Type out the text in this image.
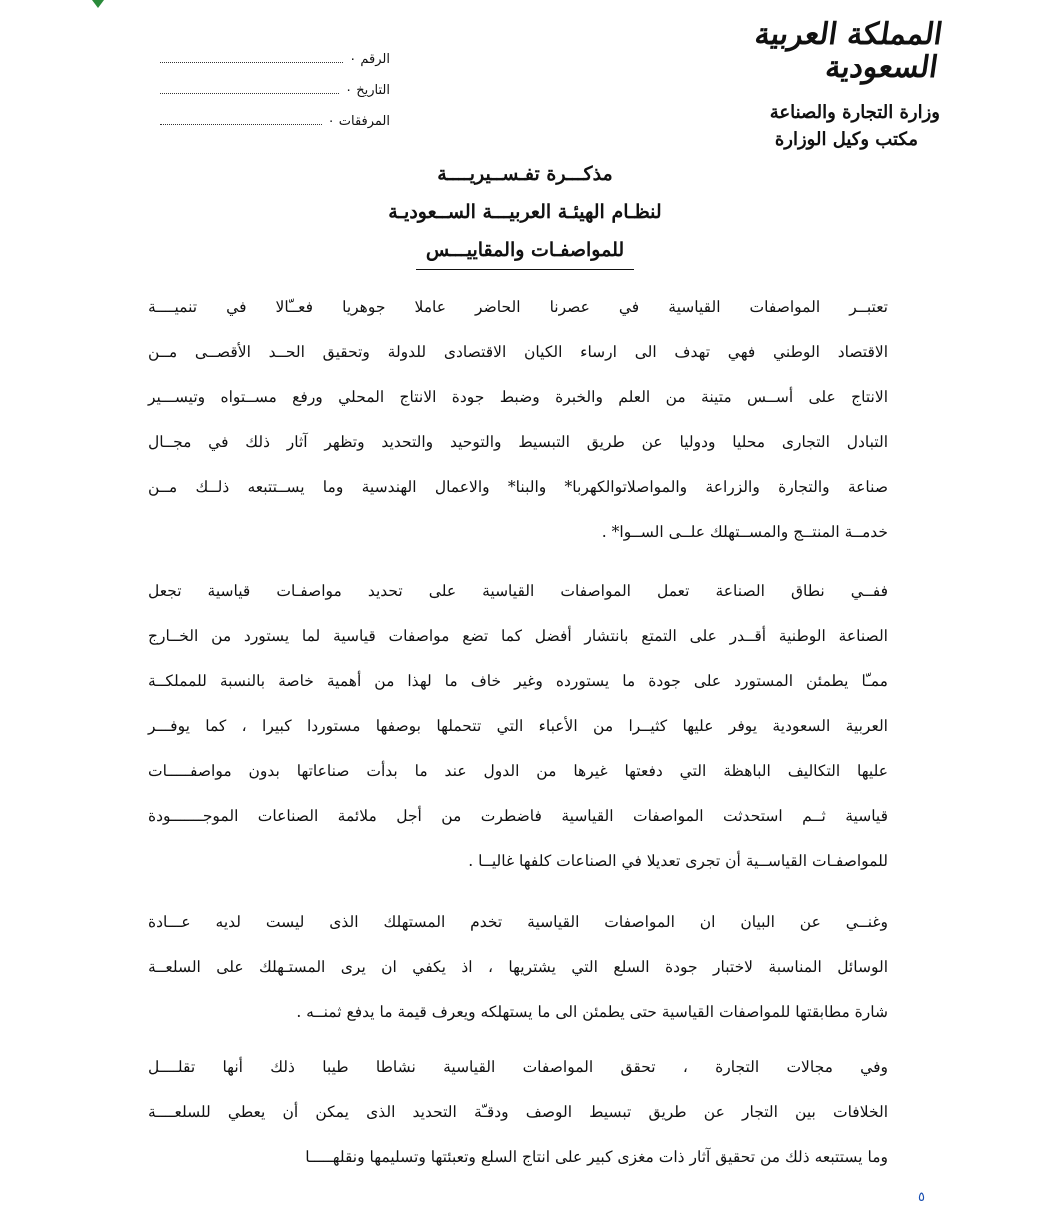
المملكة العربية السعودية
وزارة التجارة والصناعة
مكتب وكيل الوزارة
الرقم ٠
التاريخ ٠
المرفقات ٠
مذكـــرة تفـســيريــــة
لنظـام الهيئـة العربيـــة الســعوديـة
للمواصفـات والمقاييـــس
تعتبــر المواصفات القياسية في عصرنا الحاضر عاملا جوهريا فعــّالا في تنميــــة
الاقتصاد الوطني فهي تهدف الى ارساء الكيان الاقتصادى للدولة وتحقيق الحــد الأقصــى مــن
الانتاج على أســس متينة من العلم والخبرة وضبط جودة الانتاج المحلي ورفع مســتواه وتيســـير
التبادل التجارى محليا ودوليا عن طريق التبسيط والتوحيد والتحديد وتظهر آثار ذلك في مجــال
صناعة والتجارة والزراعة والمواصلاتوالكهربا* والبنا* والاعمال الهندسية وما يســتتبعه ذلــك مــن
خدمــة المنتــج والمســتهلك علــى الســوا* .
ففــي نطاق الصناعة تعمل المواصفات القياسية على تحديد مواصفـات قياسية تجعل
الصناعة الوطنية أقــدر على التمتع بانتشار أفضل كما تضع مواصفات قياسية لما يستورد من الخــارج
ممـّا يطمئن المستورد على جودة ما يستورده وغير خاف ما لهذا من أهمية خاصة بالنسبة للمملكــة
العربية السعودية يوفر عليها كثيــرا من الأعباء التي تتحملها بوصفها مستوردا كبيرا ، كما يوفـــر
عليها التكاليف الباهظة التي دفعتها غيرها من الدول عند ما بدأت صناعاتها بدون مواصفـــــات
قياسية ثــم استحدثت المواصفات القياسية فاضطرت من أجل ملائمة الصناعات الموجـــــــودة
للمواصفـات القياســية أن تجرى تعديلا في الصناعات كلفها غاليــا .
وغنــي عن البيان ان المواصفات القياسية تخدم المستهلك الذى ليست لديه عـــادة
الوسائل المناسبة لاختبار جودة السلع التي يشتريها ، اذ يكفي ان يرى المستـهلك على السلعــة
شارة مطابقتها للمواصفات القياسية حتى يطمئن الى ما يستهلكه ويعرف قيمة ما يدفع ثمنــه .
وفي مجالات التجارة ، تحقق المواصفات القياسية نشاطا طيبا ذلك أنها تقلــــل
الخلافات بين التجار عن طريق تبسيط الوصف ودقـّة التحديد الذى يمكن أن يعطي للسلعــــة
وما يستتبعه ذلك من تحقيق آثار ذات مغزى كبير على انتاج السلع وتعبئتها وتسليمها ونقلهـــــا
٥
